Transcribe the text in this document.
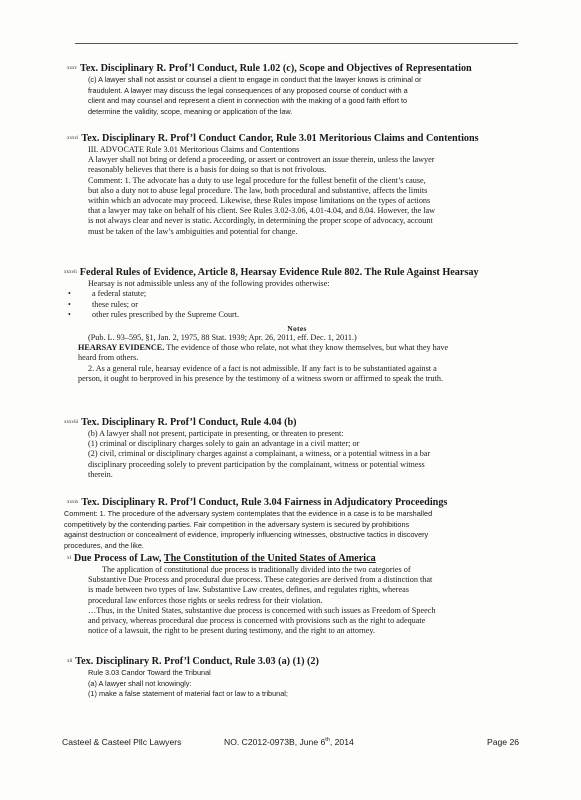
$^{xxxv}$ Tex. Disciplinary R. Prof’l Conduct, Rule 1.02 (c), Scope and Objectives of Representation

(c) A lawyer shall not assist or counsel a client to engage in conduct that the lawyer knows is criminal or

fraudulent. A lawyer may discuss the legal consequences of any proposed course of conduct with a

client and may counsel and represent a client in connection with the making of a good faith effort to

determine the validity, scope, meaning or application of the law.

$^{xxxvi}$ Tex. Disciplinary R. Prof’l Conduct Candor, Rule 3.01 Meritorious Claims and Contentions

III. ADVOCATE Rule 3.01 Meritorious Claims and Contentions

A lawyer shall not bring or defend a proceeding, or assert or controvert an issue therein, unless the lawyer

reasonably believes that there is a basis for doing so that is not frivolous.

Comment: 1. The advocate has a duty to use legal procedure for the fullest benefit of the client’s cause,

but also a duty not to abuse legal procedure. The law, both procedural and substantive, affects the limits

within which an advocate may proceed. Likewise, these Rules impose limitations on the types of actions

that a lawyer may take on behalf of his client. See Rules 3.02-3.06, 4.01-4.04, and 8.04. However, the law

is not always clear and never is static. Accordingly, in determining the proper scope of advocacy, account

must be taken of the law’s ambiguities and potential for change.

$^{xxxvii}$ Federal Rules of Evidence, Article 8, Hearsay Evidence Rule 802. The Rule Against Hearsay

Hearsay is not admissible unless any of the following provides otherwise:

• a federal statute;
• these rules; or
• other rules prescribed by the Supreme Court.
Notes

(Pub. L. 93–595, §1, Jan. 2, 1975, 88 Stat. 1939; Apr. 26, 2011, eff. Dec. 1, 2011.)

HEARSAY EVIDENCE. The evidence of those who relate, not what they know themselves, but what they have

heard from others.

2. As a general rule, hearsay evidence of a fact is not admissible. If any fact is to be substantiated against a

person, it ought to berproved in his presence by the testimony of a witness sworn or affirmed to speak the truth.

$^{xxxviii}$ Tex. Disciplinary R. Prof’l Conduct, Rule 4.04 (b)

(b) A lawyer shall not present, participate in presenting, or threaten to present:

(1) criminal or disciplinary charges solely to gain an advantage in a civil matter; or

(2) civil, criminal or disciplinary charges against a complainant, a witness, or a potential witness in a bar

disciplinary proceeding solely to prevent participation by the complainant, witness or potential witness

therein.

$^{xxxix}$ Tex. Disciplinary R. Prof’l Conduct, Rule 3.04 Fairness in Adjudicatory Proceedings

Comment: 1. The procedure of the adversary system contemplates that the evidence in a case is to be marshalled

competitively by the contending parties. Fair competition in the adversary system is secured by prohibitions

against destruction or concealment of evidence, improperly influencing witnesses, obstructive tactics in discovery

procedures, and the like.

$^{xl}$ Due Process of Law, The Constitution of the United States of America

The application of constitutional due process is traditionally divided into the two categories of

Substantive Due Process and procedural due process. These categories are derived from a distinction that

is made between two types of law. Substantive Law creates, defines, and regulates rights, whereas

procedural law enforces those rights or seeks redress for their violation.

…Thus, in the United States, substantive due process is concerned with such issues as Freedom of Speech

and privacy, whereas procedural due process is concerned with provisions such as the right to adequate

notice of a lawsuit, the right to be present during testimony, and the right to an attorney.

$^{xli}$ Tex. Disciplinary R. Prof’l Conduct, Rule 3.03 (a) (1) (2)

Rule 3.03 Candor Toward the Tribunal

(a) A lawyer shall not knowingly:

(1) make a false statement of material fact or law to a tribunal;

Casteel & Casteel Pllc Lawyers	NO. C2012-0973B, June 6th, 2014	Page 26
